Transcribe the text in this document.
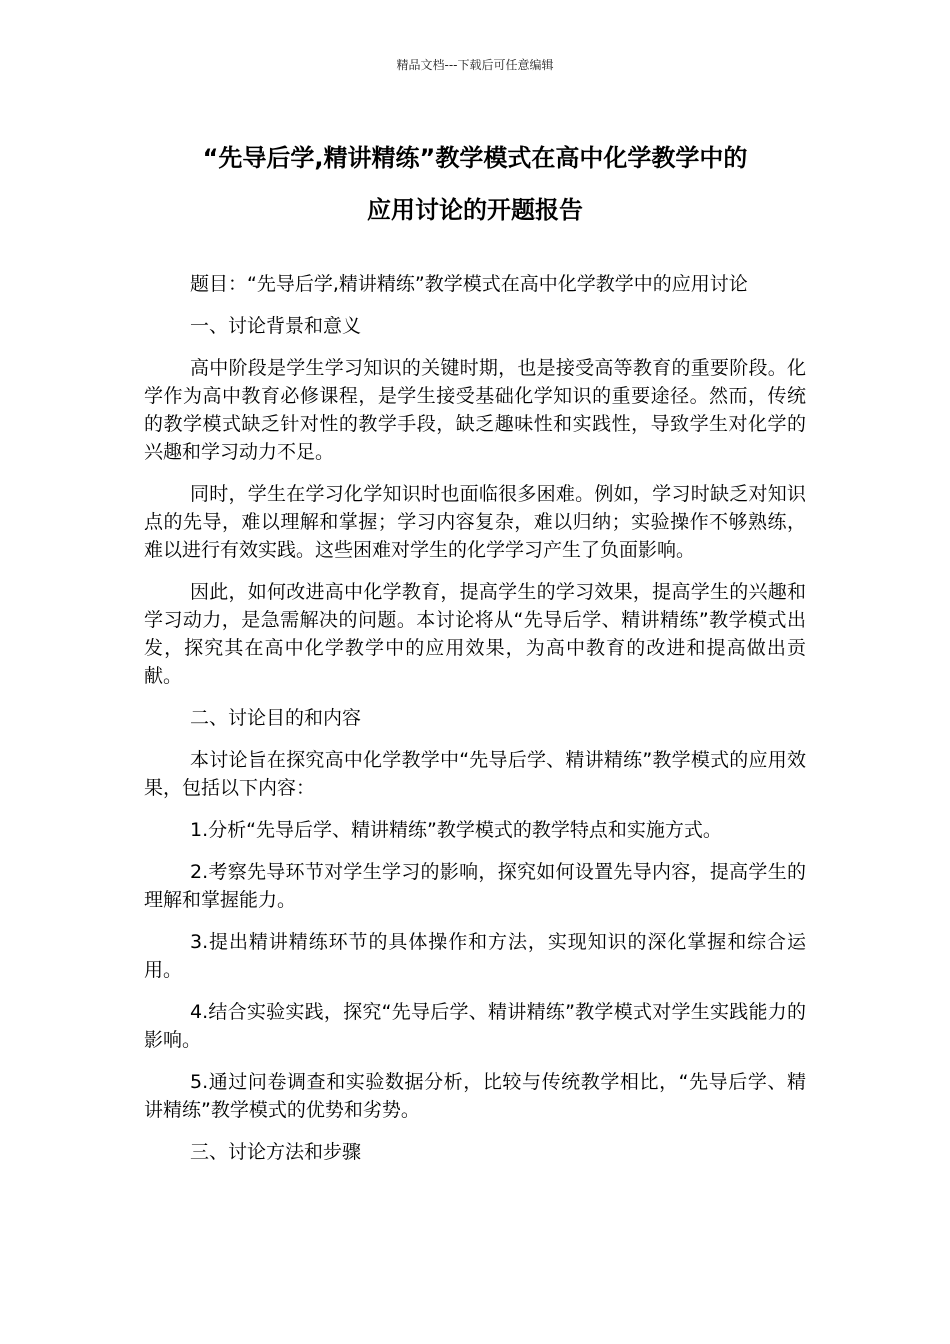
精品文档---下载后可任意编辑
“先导后学,精讲精练”教学模式在高中化学教学中的
应用讨论的开题报告

题目：“先导后学,精讲精练”教学模式在高中化学教学中的应用讨论

一、讨论背景和意义

高中阶段是学生学习知识的关键时期，也是接受高等教育的重要阶段。化学作为高中教育必修课程，是学生接受基础化学知识的重要途径。然而，传统的教学模式缺乏针对性的教学手段，缺乏趣味性和实践性，导致学生对化学的兴趣和学习动力不足。

同时，学生在学习化学知识时也面临很多困难。例如，学习时缺乏对知识点的先导，难以理解和掌握；学习内容复杂，难以归纳；实验操作不够熟练，难以进行有效实践。这些困难对学生的化学学习产生了负面影响。

因此，如何改进高中化学教育，提高学生的学习效果，提高学生的兴趣和学习动力，是急需解决的问题。本讨论将从“先导后学、精讲精练”教学模式出发，探究其在高中化学教学中的应用效果，为高中教育的改进和提高做出贡献。

二、讨论目的和内容

本讨论旨在探究高中化学教学中“先导后学、精讲精练”教学模式的应用效果，包括以下内容：

1.分析“先导后学、精讲精练”教学模式的教学特点和实施方式。

2.考察先导环节对学生学习的影响，探究如何设置先导内容，提高学生的理解和掌握能力。

3.提出精讲精练环节的具体操作和方法，实现知识的深化掌握和综合运用。

4.结合实验实践，探究“先导后学、精讲精练”教学模式对学生实践能力的影响。

5.通过问卷调查和实验数据分析，比较与传统教学相比，“先导后学、精讲精练”教学模式的优势和劣势。

三、讨论方法和步骤
